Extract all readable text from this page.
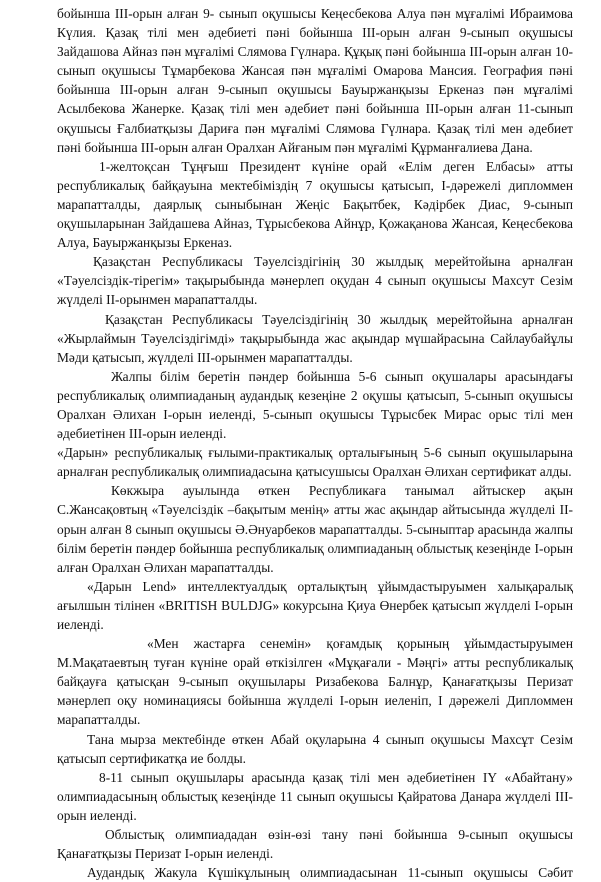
бойынша ІІІ-орын алған 9- сынып оқушысы Кеңесбекова Алуа пән мұғалімі Ибраимова Күлия. Қазақ тілі мен әдебиеті пәні бойынша ІІІ-орын алған 9-сынып оқушысы Зайдашова Айназ пән мұғалімі Слямова Гүлнара. Құқық пәні бойынша ІІІ-орын алған 10-сынып оқушысы Тұмарбекова Жансая пән мұғалімі Омарова Мансия. География пәні бойынша ІІІ-орын алған 9-сынып оқушысы Бауыржанқызы Еркеназ пән мұғалімі Асылбекова Жанерке. Қазақ тілі мен әдебиет пәні бойынша ІІІ-орын алған 11-сынып оқушысы Ғалбиатқызы Дариға пән мұғалімі Слямова Гүлнара. Қазақ тілі мен әдебиет пәні бойынша ІІІ-орын алған Оралхан Айғаным пән мұғалімі Құрманғалиева Дана.

1-желтоқсан Тұңғыш Президент күніне орай «Елім деген Елбасы» атты республикалық байқауына мектебіміздің 7 оқушысы қатысып, І-дәрежелі дипломмен марапатталды, даярлық сыныбынан Жеңіс Бақытбек, Кәдірбек Диас, 9-сынып оқушыларынан Зайдашева Айназ, Тұрысбекова Айнұр, Қожақанова Жансая, Кеңесбекова Алуа, Бауыржанқызы Еркеназ.

Қазақстан Республикасы Тәуелсіздігінің 30 жылдық мерейтойына арналған «Тәуелсіздік-тірегім» тақырыбында мәнерлеп оқудан 4 сынып оқушысы Махсут Сезім жүлделі ІІ-орынмен марапатталды.

Қазақстан Республикасы Тәуелсіздігінің 30 жылдық мерейтойына арналған «Жырлаймын Тәуелсіздігімді» тақырыбында жас ақындар мүшайрасына Сайлаубайұлы Мәди қатысып, жүлделі ІІІ-орынмен марапатталды.

Жалпы білім беретін пәндер бойынша 5-6 сынып оқушалары арасындағы республикалық олимпиаданың аудандық кезеңіне 2 оқушы қатысып, 5-сынып оқушысы Оралхан Әлихан І-орын иеленді, 5-сынып оқушысы Тұрысбек Мирас орыс тілі мен әдебиетінен ІІІ-орын иеленді.

«Дарын» республикалық ғылыми-практикалық орталығының 5-6 сынып оқушыларына арналған республикалық олимпиадасына қатысушысы Оралхан Әлихан сертификат алды.

Көкжыра ауылында өткен Республикаға танымал айтыскер ақын С.Жансақовтың «Тәуелсіздік –бақытым менің» атты жас ақындар айтысында жүлделі ІІ-орын алған 8 сынып оқушысы Ә.Әнуарбеков марапатталды. 5-сыныптар арасында жалпы білім беретін пәндер бойынша республикалық олимпиаданың облыстық кезеңінде І-орын алған Оралхан Әлихан марапатталды.

«Дарын Lend» интеллектуалдық орталықтың ұйымдастыруымен халықаралық ағылшын тілінен «BRITISH BULDJG» кокурсына Қиуа Өнербек қатысып жүлделі І-орын иеленді.

«Мен жастарға сенемін» қоғамдық қорының ұйымдастыруымен М.Мақатаевтың туған күніне орай өткізілген «Мұқағали - Мәңгі» атты республикалық байқауға қатысқан 9-сынып оқушылары Ризабекова Балнұр, Қанағатқызы Перизат мәнерлеп оқу номинациясы бойынша жүлделі І-орын иеленіп, І дәрежелі Дипломмен марапатталды.

Тана мырза мектебінде өткен Абай оқуларына 4 сынып оқушысы Махсұт Сезім қатысып сертификатқа ие болды.

8-11 сынып оқушылары арасында қазақ тілі мен әдебиетінен ІҮ «Абайтану» олимпиадасының облыстық кезеңінде 11 сынып оқушысы Қайратова Данара жүлделі ІІІ-орын иеленді.

Облыстық олимпиададан өзін-өзі тану пәні бойынша 9-сынып оқушысы Қанағатқызы Перизат І-орын иеленді.

Аудандық Жакула Күшікұлының олимпиадасынан 11-сынып оқушысы Сәбит
